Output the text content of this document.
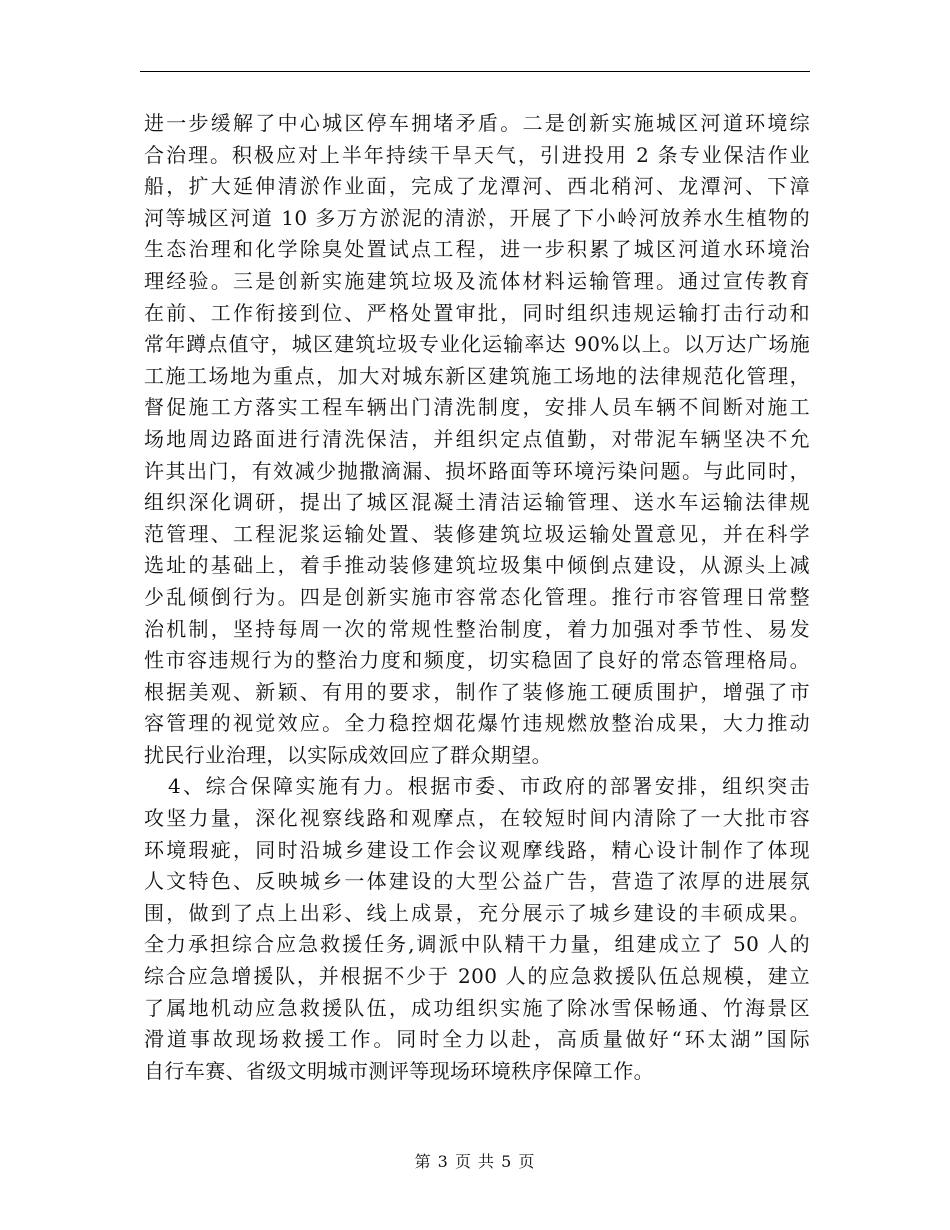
进一步缓解了中心城区停车拥堵矛盾。二是创新实施城区河道环境综
合治理。积极应对上半年持续干旱天气，引进投用 2 条专业保洁作业
船，扩大延伸清淤作业面，完成了龙潭河、西北稍河、龙潭河、下漳
河等城区河道 10 多万方淤泥的清淤，开展了下小岭河放养水生植物的
生态治理和化学除臭处置试点工程，进一步积累了城区河道水环境治
理经验。三是创新实施建筑垃圾及流体材料运输管理。通过宣传教育
在前、工作衔接到位、严格处置审批，同时组织违规运输打击行动和
常年蹲点值守，城区建筑垃圾专业化运输率达 90%以上。以万达广场施
工施工场地为重点，加大对城东新区建筑施工场地的法律规范化管理，
督促施工方落实工程车辆出门清洗制度，安排人员车辆不间断对施工
场地周边路面进行清洗保洁，并组织定点值勤，对带泥车辆坚决不允
许其出门，有效减少抛撒滴漏、损坏路面等环境污染问题。与此同时，
组织深化调研，提出了城区混凝土清洁运输管理、送水车运输法律规
范管理、工程泥浆运输处置、装修建筑垃圾运输处置意见，并在科学
选址的基础上，着手推动装修建筑垃圾集中倾倒点建设，从源头上减
少乱倾倒行为。四是创新实施市容常态化管理。推行市容管理日常整
治机制，坚持每周一次的常规性整治制度，着力加强对季节性、易发
性市容违规行为的整治力度和频度，切实稳固了良好的常态管理格局。
根据美观、新颖、有用的要求，制作了装修施工硬质围护，增强了市
容管理的视觉效应。全力稳控烟花爆竹违规燃放整治成果，大力推动
扰民行业治理，以实际成效回应了群众期望。
4、综合保障实施有力。根据市委、市政府的部署安排，组织突击
攻坚力量，深化视察线路和观摩点，在较短时间内清除了一大批市容
环境瑕疵，同时沿城乡建设工作会议观摩线路，精心设计制作了体现
人文特色、反映城乡一体建设的大型公益广告，营造了浓厚的进展氛
围，做到了点上出彩、线上成景，充分展示了城乡建设的丰硕成果。
全力承担综合应急救援任务,调派中队精干力量，组建成立了 50 人的
综合应急增援队，并根据不少于 200 人的应急救援队伍总规模，建立
了属地机动应急救援队伍，成功组织实施了除冰雪保畅通、竹海景区
滑道事故现场救援工作。同时全力以赴，高质量做好“环太湖”国际
自行车赛、省级文明城市测评等现场环境秩序保障工作。
第 3 页 共 5 页
